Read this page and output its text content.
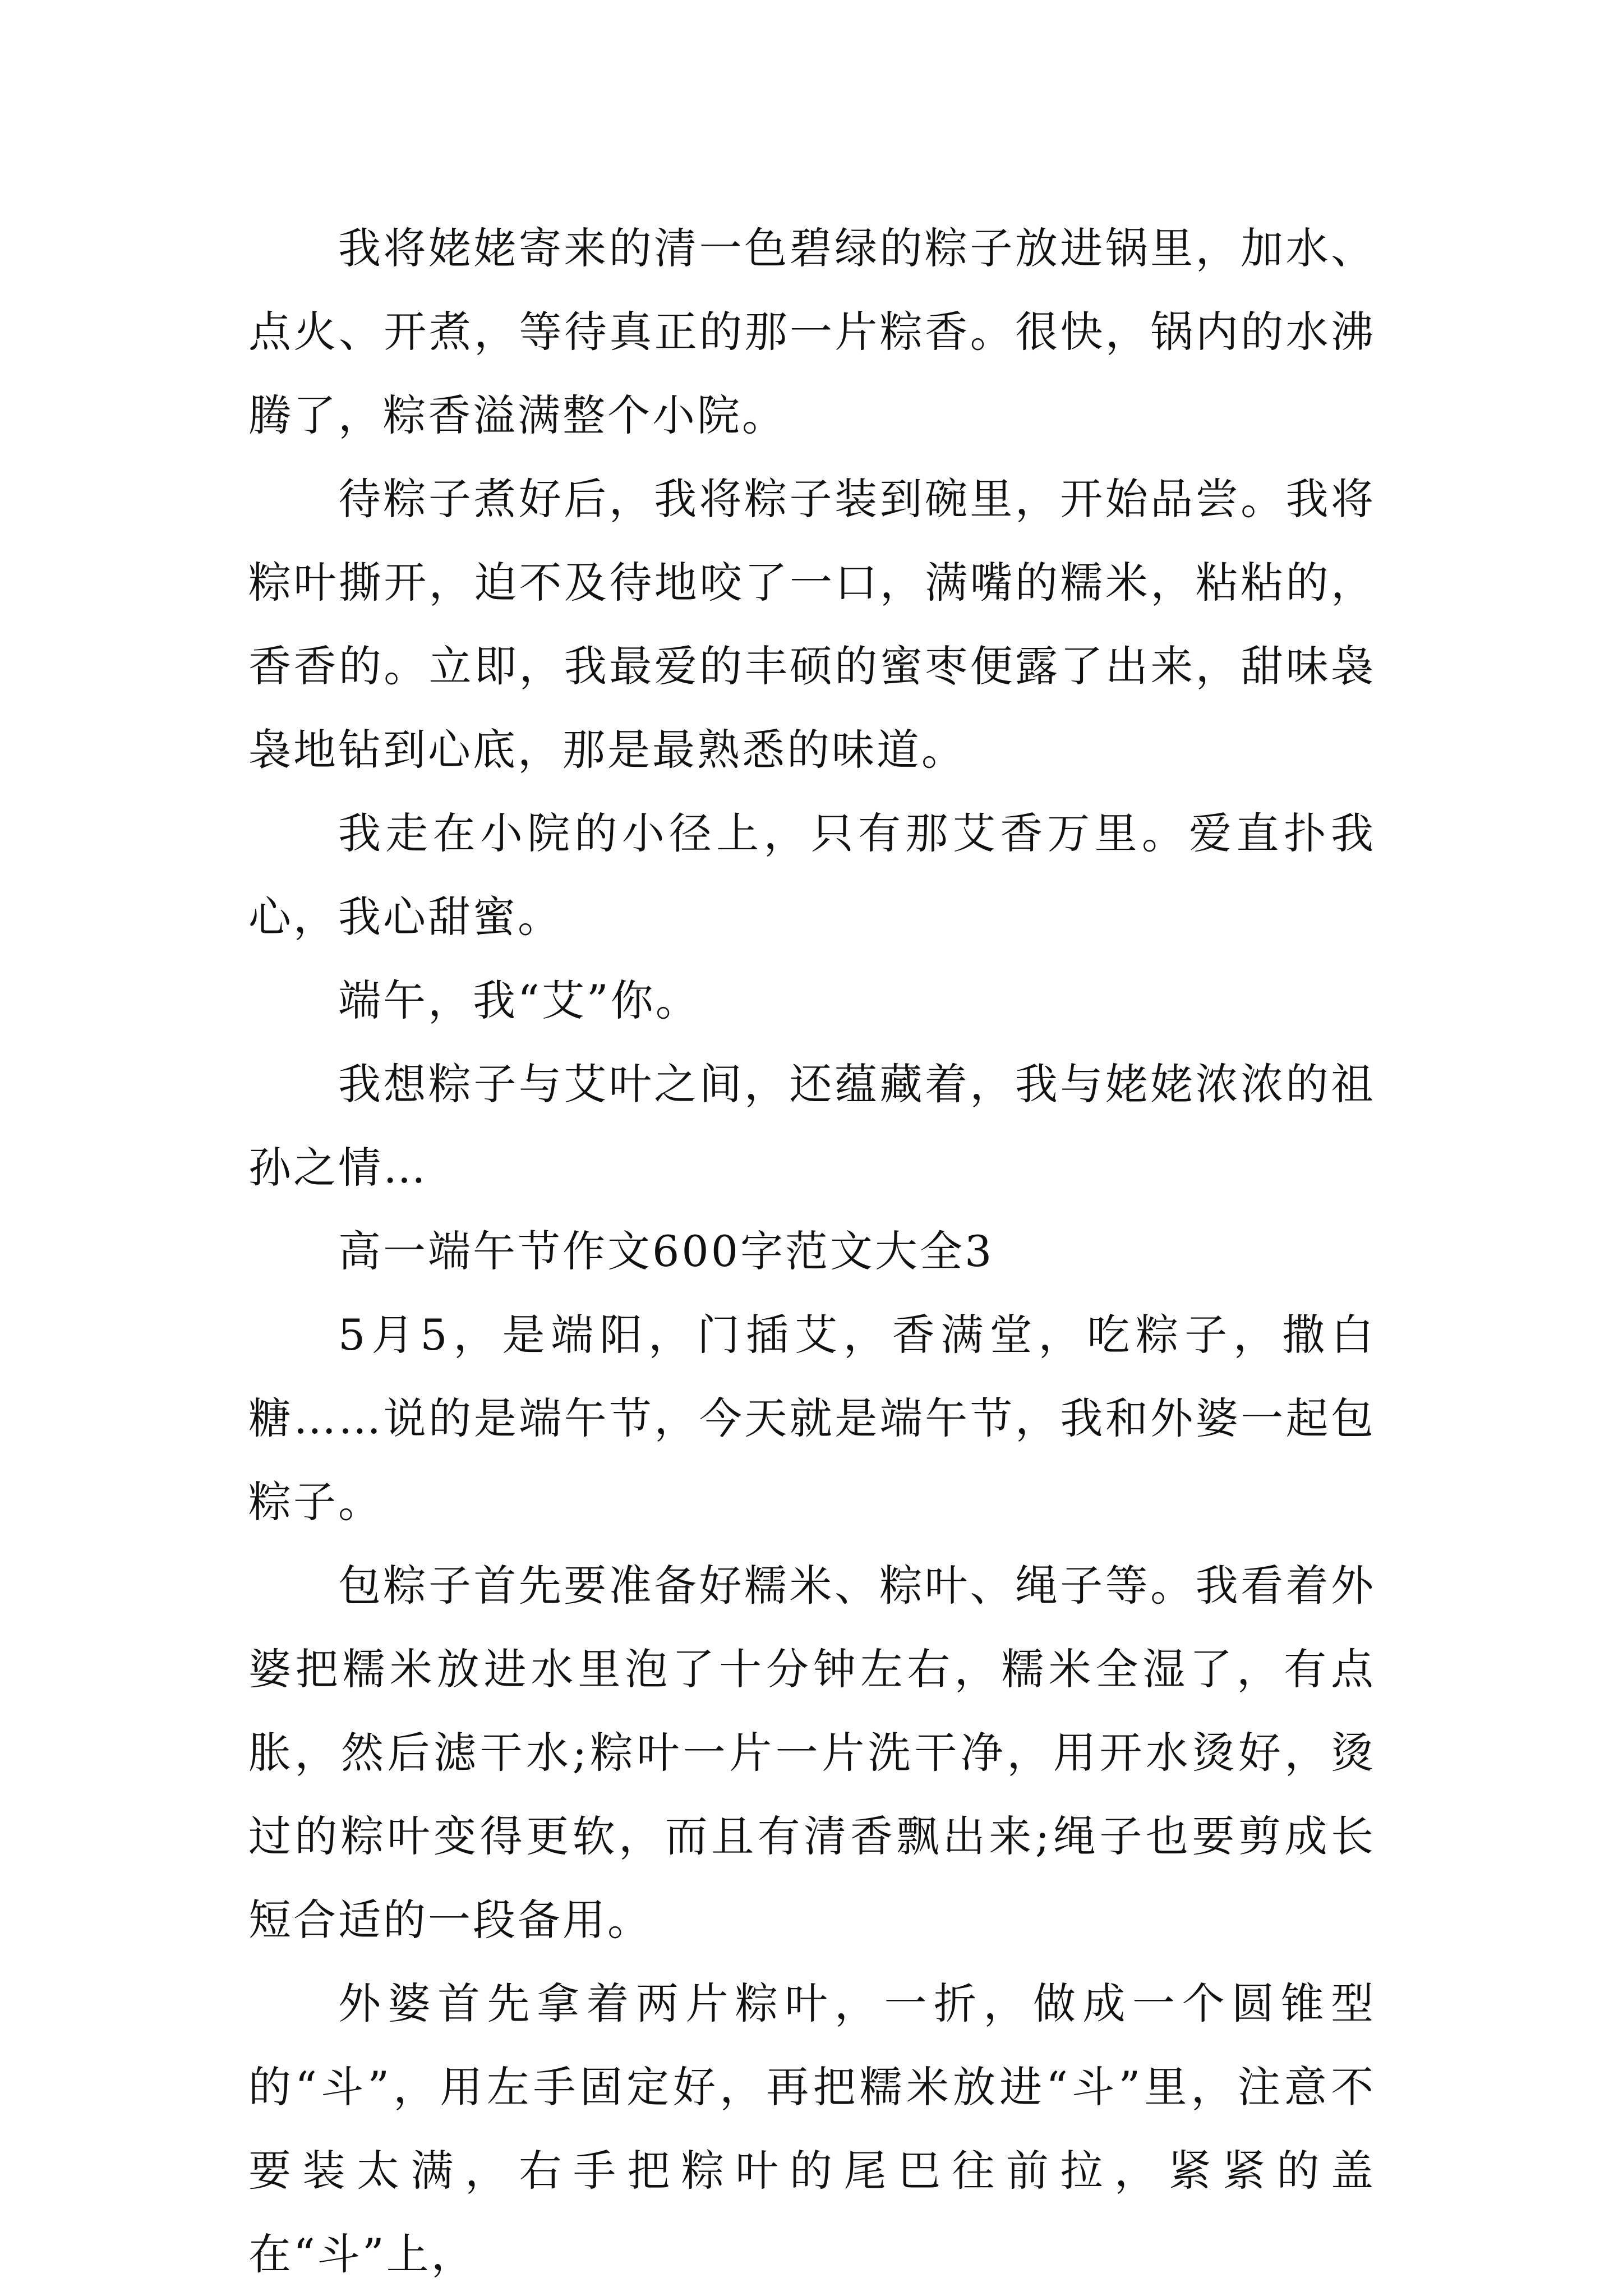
我将姥姥寄来的清一色碧绿的粽子放进锅里，加水、点火、开煮，等待真正的那一片粽香。很快，锅内的水沸腾了，粽香溢满整个小院。

待粽子煮好后，我将粽子装到碗里，开始品尝。我将粽叶撕开，迫不及待地咬了一口，满嘴的糯米，粘粘的，香香的。立即，我最爱的丰硕的蜜枣便露了出来，甜味袅袅地钻到心底，那是最熟悉的味道。

我走在小院的小径上，只有那艾香万里。爱直扑我心，我心甜蜜。

端午，我“艾”你。

我想粽子与艾叶之间，还蕴藏着，我与姥姥浓浓的祖孙之情…

高一端午节作文600字范文大全3

5月5，是端阳，门插艾，香满堂，吃粽子，撒白糖……说的是端午节，今天就是端午节，我和外婆一起包粽子。

包粽子首先要准备好糯米、粽叶、绳子等。我看着外婆把糯米放进水里泡了十分钟左右，糯米全湿了，有点胀，然后滤干水;粽叶一片一片洗干净，用开水烫好，烫过的粽叶变得更软，而且有清香飘出来;绳子也要剪成长短合适的一段备用。

外婆首先拿着两片粽叶，一折，做成一个圆锥型的“斗”，用左手固定好，再把糯米放进“斗”里，注意不要装太满，右手把粽叶的尾巴往前拉，紧紧的盖在“斗”上，
